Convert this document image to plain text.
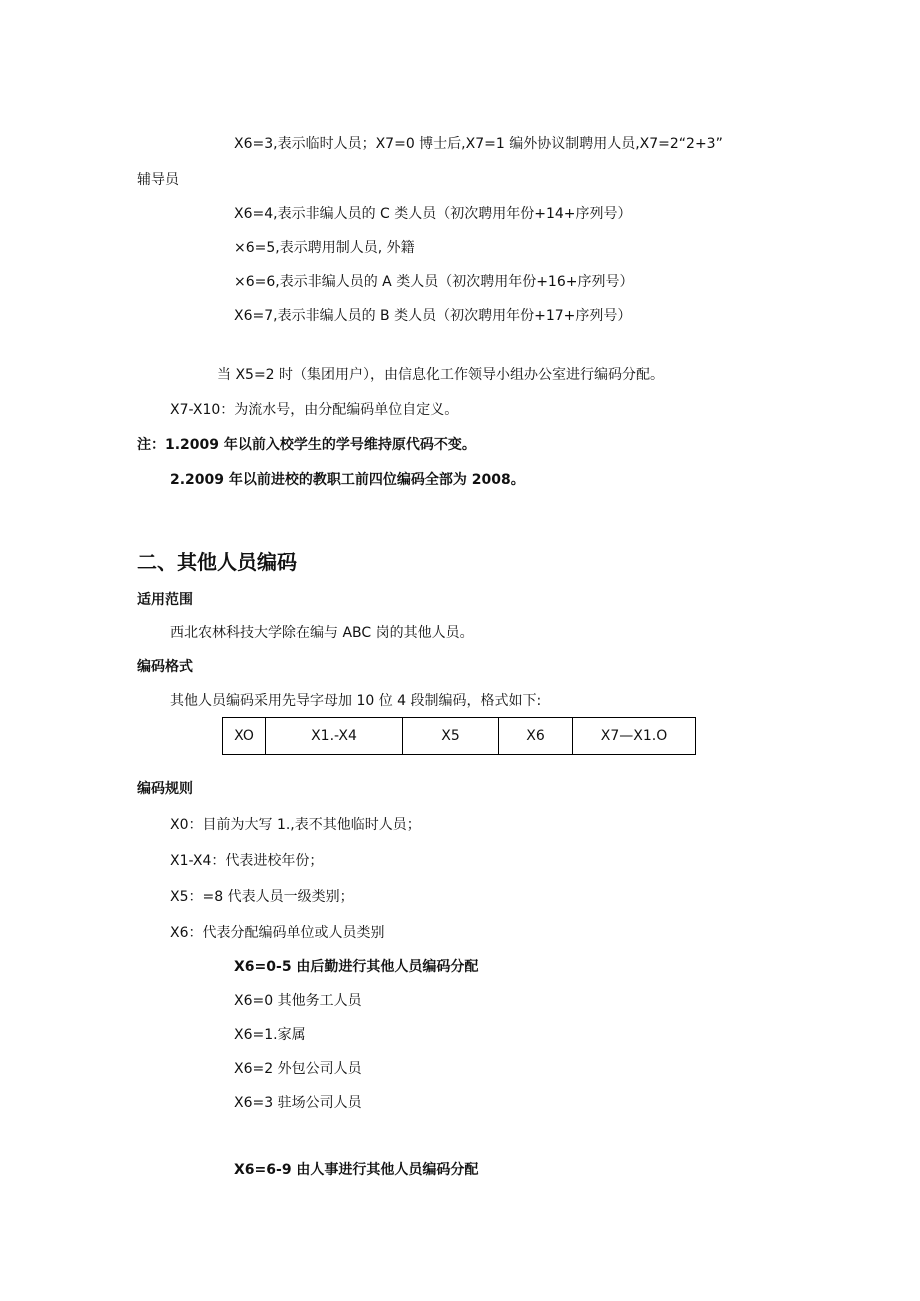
X6=3,表示临时人员；X7=0 博士后,X7=1 编外协议制聘用人员,X7=2“2+3”
辅导员
X6=4,表示非编人员的 C 类人员（初次聘用年份+14+序列号）
×6=5,表示聘用制人员, 外籍
×6=6,表示非编人员的 A 类人员（初次聘用年份+16+序列号）
X6=7,表示非编人员的 B 类人员（初次聘用年份+17+序列号）
当 X5=2 时（集团用户），由信息化工作领导小组办公室进行编码分配。
X7-X10：为流水号，由分配编码单位自定义。
注：1.2009 年以前入校学生的学号维持原代码不变。
2.2009 年以前进校的教职工前四位编码全部为 2008。
二、其他人员编码
适用范围
西北农林科技大学除在编与 ABC 岗的其他人员。
编码格式
其他人员编码采用先导字母加 10 位 4 段制编码，格式如下:
XO	X1.-X4	X5	X6	X7—X1.O
编码规则
X0：目前为大写 1.,表不其他临时人员；
X1-X4：代表进校年份；
X5：=8 代表人员一级类别；
X6：代表分配编码单位或人员类别
X6=0-5 由后勤进行其他人员编码分配
X6=0 其他务工人员
X6=1.家属
X6=2 外包公司人员
X6=3 驻场公司人员
X6=6-9 由人事进行其他人员编码分配
